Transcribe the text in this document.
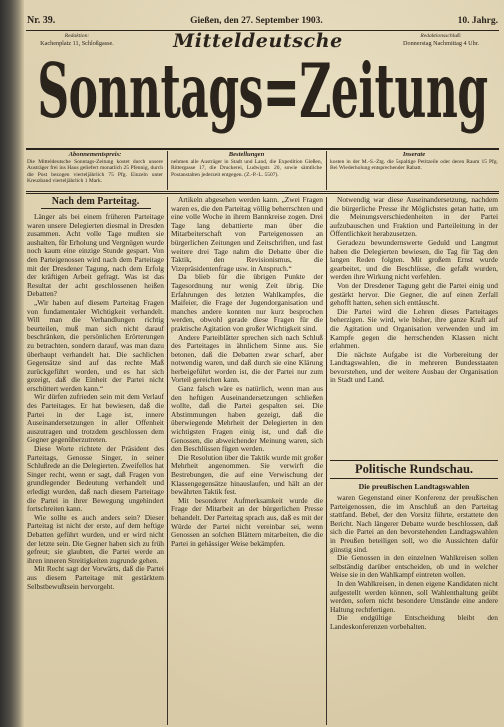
Nr. 39.	Gießen, den 27. September 1903.	10. Jahrg.
Redaktion:
Kachenplatz 11, Schloßgasse.	Mitteldeutsche	Redaktionsschluß:
Donnerstag Nachmittag 4 Uhr.
Sonntags=Zeitung
Abonnementspreis:
Die Mitteldeutsche Sonntags-Zeitung kostet durch unsere Austräger frei ins Haus geliefert monatlich 25 Pfennig, durch die Post bezogen vierteljährlich 75 Pfg. Einzeln unter Kreuzband vierteljährlich 1 Mark.
Bestellungen
nehmen alle Austräger in Stadt und Land, die Expedition Gießen, Rittergasse 17, die Druckerei, Ludwigstr. 20, sowie sämtliche Postanstalten jederzeit entgegen. (Z.-P.-L. 5507).
Inserate
kosten in der M.-S.-Ztg. die 5spaltige Petitzeile oder deren Raum 15 Pfg. Bei Wiederholung entsprechender Rabatt.
Nach dem Parteitag.

Länger als bei einem früheren Parteitage waren unsere Delegierten diesmal in Dresden zusammen. Acht volle Tage mußten sie aushalten, für Erholung und Vergnügen wurde noch kaum eine einzige Stunde gespart. Von den Parteigenossen wird nach dem Parteitage mit der Dresdener Tagung, nach dem Erfolg der kräftigen Arbeit gefragt. Was ist das Resultat der acht geschlossenen heißen Debatten?

„Wir haben auf diesem Parteitag Fragen von fundamentaler Wichtigkeit verhandelt. Will man die Verhandlungen richtig beurteilen, muß man sich nicht darauf beschränken, die persönlichen Erörterungen zu betrachten, sondern darauf, was man dazu überhaupt verhandelt hat. Die sachlichen Gegensätze sind auf das rechte Maß zurückgeführt worden, und es hat sich gezeigt, daß die Einheit der Partei nicht erschüttert werden kann.“

Wir dürfen zufrieden sein mit dem Verlauf des Parteitages. Er hat bewiesen, daß die Partei in der Lage ist, innere Auseinandersetzungen in aller Offenheit auszutragen und trotzdem geschlossen dem Gegner gegenüberzutreten.

Diese Worte richtete der Präsident des Parteitags, Genosse Singer, in seiner Schlußrede an die Delegierten. Zweifellos hat Singer recht, wenn er sagt, daß Fragen von grundlegender Bedeutung verhandelt und erledigt wurden, daß nach diesem Parteitage die Partei in ihrer Bewegung ungehindert fortschreiten kann.

Wie sollte es auch anders sein? Dieser Parteitag ist nicht der erste, auf dem heftige Debatten geführt wurden, und er wird nicht der letzte sein. Die Gegner haben sich zu früh gefreut; sie glaubten, die Partei werde an ihren inneren Streitigkeiten zugrunde gehen.

Mit Recht sagt der Vorwärts, daß die Partei aus diesem Parteitage mit gestärktem Selbstbewußtsein hervorgeht.

Artikeln abgesehen werden kann. „Zwei Fragen waren es, die den Parteitag völlig beherrschten und eine volle Woche in ihrem Bannkreise zogen. Drei Tage lang debattierte man über die Mitarbeiterschaft von Parteigenossen an bürgerlichen Zeitungen und Zeitschriften, und fast weitere drei Tage nahm die Debatte über die Taktik, den Revisionismus, die Vizepräsidentenfrage usw. in Anspruch.“

Da blieb für die übrigen Punkte der Tagesordnung nur wenig Zeit übrig. Die Erfahrungen des letzten Wahlkampfes, die Maifeier, die Frage der Jugendorganisation und manches andere konnten nur kurz besprochen werden, obwohl gerade diese Fragen für die praktische Agitation von großer Wichtigkeit sind.

Andere Parteiblätter sprechen sich nach Schluß des Parteitages in ähnlichem Sinne aus. Sie betonen, daß die Debatten zwar scharf, aber notwendig waren, und daß durch sie eine Klärung herbeigeführt worden ist, die der Partei nur zum Vorteil gereichen kann.

Ganz falsch wäre es natürlich, wenn man aus den heftigen Auseinandersetzungen schließen wollte, daß die Partei gespalten sei. Die Abstimmungen haben gezeigt, daß die überwiegende Mehrheit der Delegierten in den wichtigsten Fragen einig ist, und daß die Genossen, die abweichender Meinung waren, sich den Beschlüssen fügen werden.

Die Resolution über die Taktik wurde mit großer Mehrheit angenommen. Sie verwirft die Bestrebungen, die auf eine Verwischung der Klassengegensätze hinauslaufen, und hält an der bewährten Taktik fest.

Mit besonderer Aufmerksamkeit wurde die Frage der Mitarbeit an der bürgerlichen Presse behandelt. Der Parteitag sprach aus, daß es mit der Würde der Partei nicht vereinbar sei, wenn Genossen an solchen Blättern mitarbeiten, die die Partei in gehässiger Weise bekämpfen.

Notwendig war diese Auseinandersetzung, nachdem die bürgerliche Presse ihr Möglichstes getan hatte, um die Meinungsverschiedenheiten in der Partei aufzubauschen und Fraktion und Parteileitung in der Öffentlichkeit herabzusetzen.

Geradezu bewundernswerte Geduld und Langmut haben die Delegierten bewiesen, die Tag für Tag den langen Reden folgten. Mit großem Ernst wurde gearbeitet, und die Beschlüsse, die gefaßt wurden, werden ihre Wirkung nicht verfehlen.

Von der Dresdener Tagung geht die Partei einig und gestärkt hervor. Die Gegner, die auf einen Zerfall gehofft hatten, sehen sich enttäuscht.

Die Partei wird die Lehren dieses Parteitages beherzigen. Sie wird, wie bisher, ihre ganze Kraft auf die Agitation und Organisation verwenden und im Kampfe gegen die herrschenden Klassen nicht erlahmen.

Die nächste Aufgabe ist die Vorbereitung der Landtagswahlen, die in mehreren Bundesstaaten bevorstehen, und der weitere Ausbau der Organisation in Stadt und Land.

Politische Rundschau.
Die preußischen Landtagswahlen

waren Gegenstand einer Konferenz der preußischen Parteigenossen, die im Anschluß an den Parteitag stattfand. Bebel, der den Vorsitz führte, erstattete den Bericht. Nach längerer Debatte wurde beschlossen, daß sich die Partei an den bevorstehenden Landtagswahlen in Preußen beteiligen soll, wo die Aussichten dafür günstig sind.

Die Genossen in den einzelnen Wahlkreisen sollen selbständig darüber entscheiden, ob und in welcher Weise sie in den Wahlkampf eintreten wollen.

In den Wahlkreisen, in denen eigene Kandidaten nicht aufgestellt werden können, soll Wahlenthaltung geübt werden, sofern nicht besondere Umstände eine andere Haltung rechtfertigen.

Die endgültige Entscheidung bleibt den Landeskonferenzen vorbehalten.
